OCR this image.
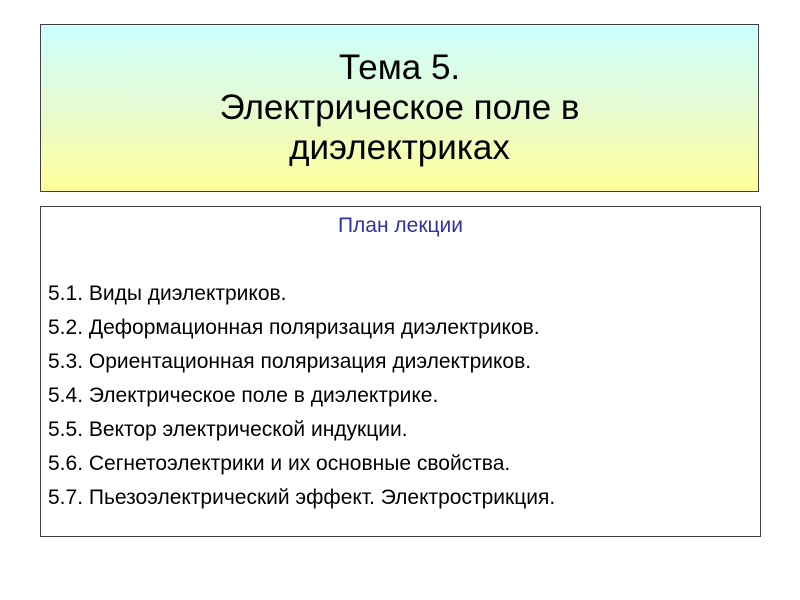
Тема 5.
Электрическое поле в
диэлектриках
План лекции
5.1. Виды диэлектриков.
5.2. Деформационная поляризация диэлектриков.
5.3. Ориентационная поляризация диэлектриков.
5.4. Электрическое поле в диэлектрике.
5.5. Вектор электрической индукции.
5.6. Сегнетоэлектрики и их основные свойства.
5.7. Пьезоэлектрический эффект. Электрострикция.
